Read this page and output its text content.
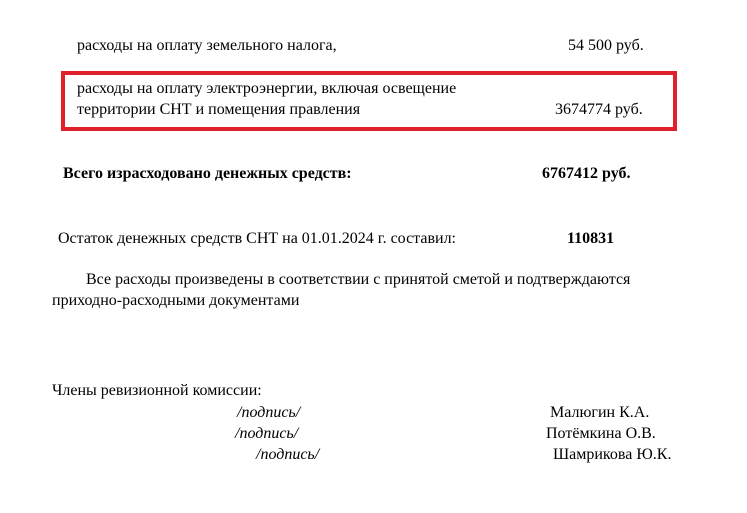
расходы на оплату земельного налога,	54 500 руб.
расходы на оплату электроэнергии, включая освещение
территории СНТ и помещения правления	3674774 руб.
Всего израсходовано денежных средств:	6767412 руб.
Остаток денежных средств СНТ на 01.01.2024 г. составил:	110831
Все расходы произведены в соответствии с принятой сметой и подтверждаются
приходно-расходными документами
Члены ревизионной комиссии:
/подпись/	Малюгин К.А.
/подпись/	Потёмкина О.В.
/подпись/	Шамрикова Ю.К.
